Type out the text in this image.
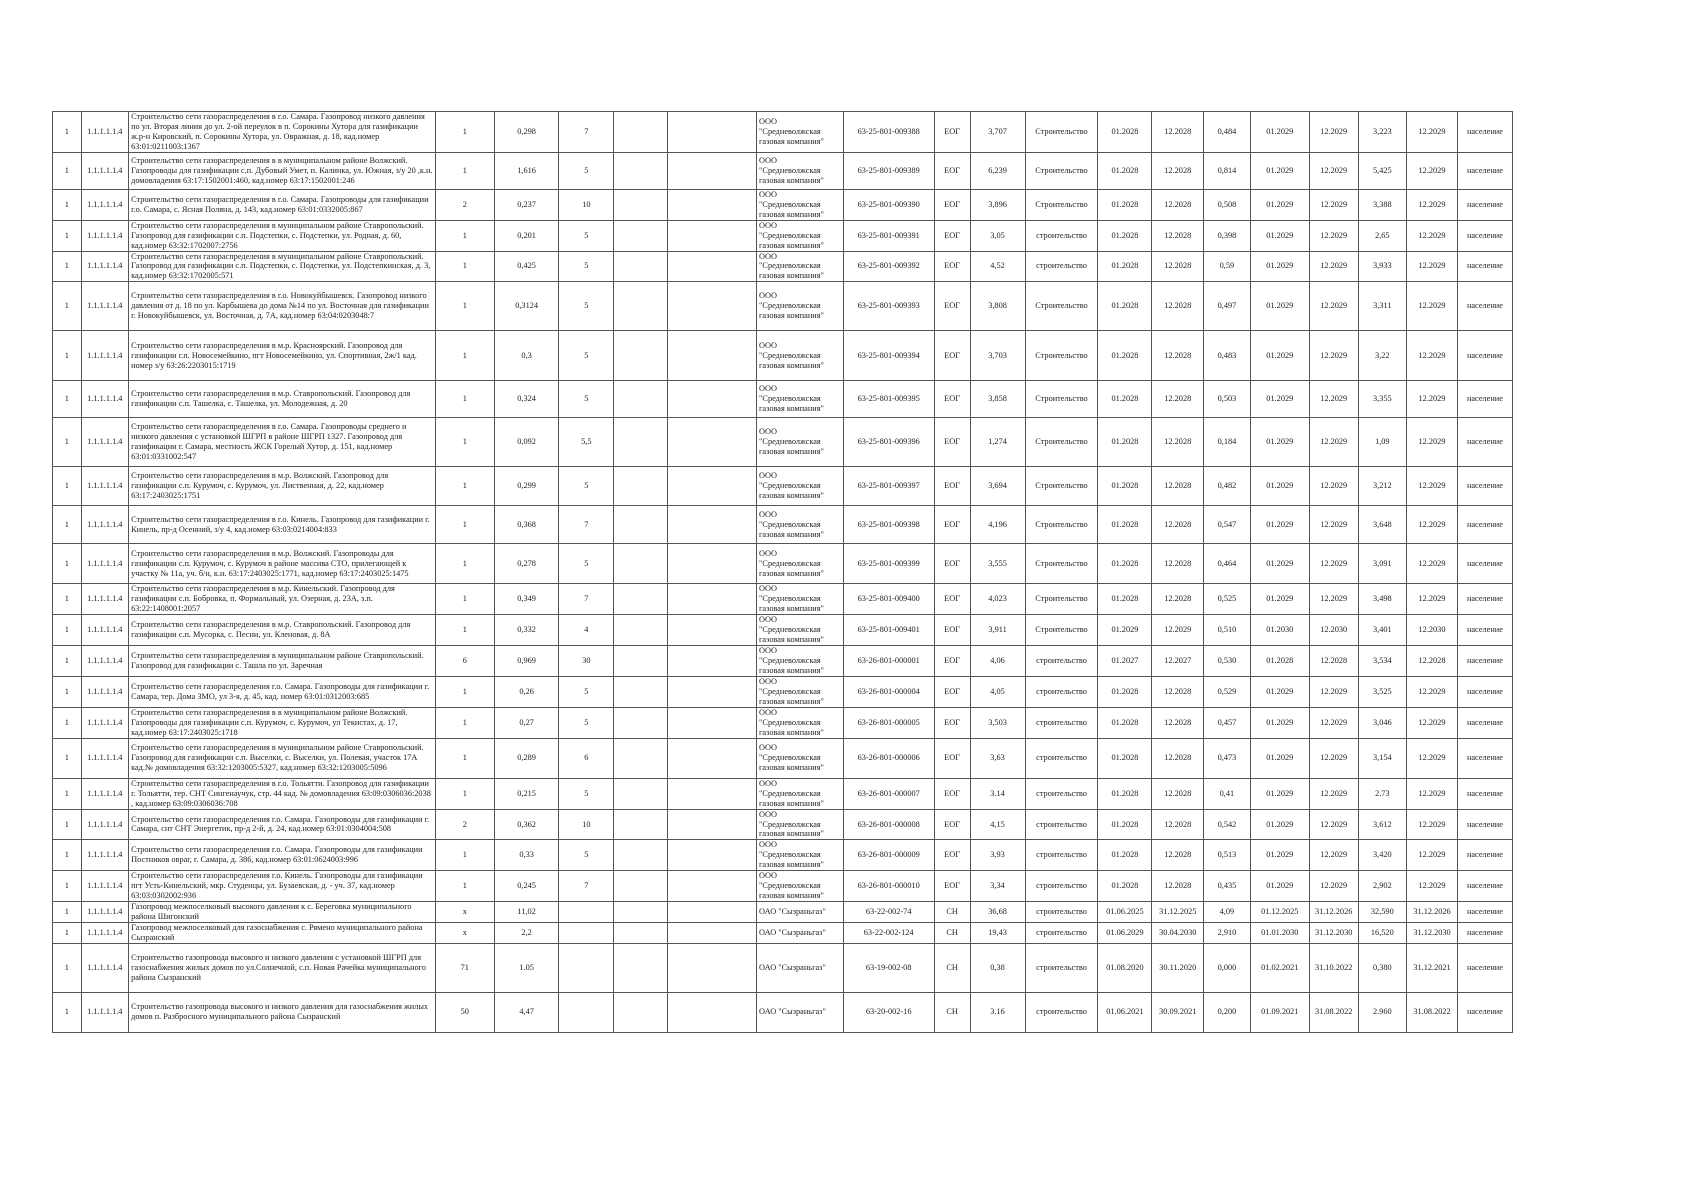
1	1.1.1.1.1.4	Строительство сети газораспределения в г.о. Самара. Газопровод низкого давления по ул. Вторая линия до ул. 2-ой переулок в п. Сорокины Хутора для газификации ж.р-н Кировский, п. Сорокины Хутора, ул. Овражная, д. 18, кад.номер 63:01:0211003:1367	1	0,298	7			ООО "Средневолжская газовая компания"	63-25-801-009388	ЕОГ	3,707	Строительство	01.2028	12.2028	0,484	01.2029	12.2029	3,223	12.2029	население
1	1.1.1.1.1.4	Строительство сети газораспределения в в муниципальном районе Волжский. Газопроводы для газификации с.п. Дубовый Умет, п. Калинка, ул. Южная, з/у 20 ,к.н. домовладения 63:17:1502001:460, кад.номер 63:17:1502001:246	1	1,616	5			ООО "Средневолжская газовая компания"	63-25-801-009389	ЕОГ	6,239	Строительство	01.2028	12.2028	0,814	01.2029	12.2029	5,425	12.2029	население
1	1.1.1.1.1.4	Строительство сети газораспределения в г.о. Самара. Газопроводы для газификации г.о. Самара, с. Ясная Поляна, д. 143, кад.номер 63:01:0332005:867	2	0,237	10			ООО "Средневолжская газовая компания"	63-25-801-009390	ЕОГ	3,896	Строительство	01.2028	12.2028	0,508	01.2029	12.2029	3,388	12.2029	население
1	1.1.1.1.1.4	Строительство сети газораспределения в муниципальном районе Ставропольский. Газопровод для газификации с.п. Подстепки, с. Подстепки, ул. Родная, д. 60, кад.номер 63:32:1702007:2756	1	0,201	5			ООО "Средневолжская газовая компания"	63-25-801-009391	ЕОГ	3,05	строительство	01.2028	12.2028	0,398	01.2029	12.2029	2,65	12.2029	население
1	1.1.1.1.1.4	Строительство сети газораспределения в муниципальном районе Ставропольский. Газопровод для газификации с.п. Подстепки, с. Подстепки, ул. Подстепкинская, д. 3, кад.номер 63:32:1702005:571	1	0,425	5			ООО "Средневолжская газовая компания"	63-25-801-009392	ЕОГ	4,52	строительство	01.2028	12.2028	0,59	01.2029	12.2029	3,933	12.2029	население
1	1.1.1.1.1.4	Строительство сети газораспределения в г.о. Новокуйбышевск. Газопровод низкого давления от д. 18 по ул. Карбышева до дома №14 по ул. Восточная для газификации г. Новокуйбышевск, ул. Восточная, д. 7А, кад.номер 63:04:0203048:7	1	0,3124	5			ООО "Средневолжская газовая компания"	63-25-801-009393	ЕОГ	3,808	Строительство	01.2028	12.2028	0,497	01.2029	12.2029	3,311	12.2029	население
1	1.1.1.1.1.4	Строительство сети газораспределения в м.р. Красноярский. Газопровод для газификации г.п. Новосемейкино, пгт Новосемейкино, ул. Спортивная, 2ж/1 кад. номер з/у 63:26:2203015:1719	1	0,3	5			ООО "Средневолжская газовая компания"	63-25-801-009394	ЕОГ	3,703	Строительство	01.2028	12.2028	0,483	01.2029	12.2029	3,22	12.2029	население
1	1.1.1.1.1.4	Строительство сети газораспределения в м.р. Ставропольский. Газопровод для газификации с.п. Ташелка, с. Ташелка, ул. Молодежная, д. 20	1	0,324	5			ООО "Средневолжская газовая компания"	63-25-801-009395	ЕОГ	3,858	Строительство	01.2028	12.2028	0,503	01.2029	12.2029	3,355	12.2029	население
1	1.1.1.1.1.4	Строительство сети газораспределения в г.о. Самара. Газопроводы среднего и низкого давления с установкой ШГРП в районе ШГРП 1327. Газопровод для газификации г. Самара, местность ЖСК Горелый Хутор, д. 151, кад.номер 63:01:0331002:547	1	0,092	5,5			ООО "Средневолжская газовая компания"	63-25-801-009396	ЕОГ	1,274	Строительство	01.2028	12.2028	0,184	01.2029	12.2029	1,09	12.2029	население
1	1.1.1.1.1.4	Строительство сети газораспределения в м.р. Волжский. Газопровод для газификации с.п. Курумоч, с. Курумоч, ул. Лиственная, д. 22, кад.номер 63:17:2403025:1751	1	0,299	5			ООО "Средневолжская газовая компания"	63-25-801-009397	ЕОГ	3,694	Строительство	01.2028	12.2028	0,482	01.2029	12.2029	3,212	12.2029	население
1	1.1.1.1.1.4	Строительство сети газораспределения в г.о. Кинель. Газопровод для газификации г. Кинель, пр-д Осенний, з/у 4, кад.номер 63:03:0214004:833	1	0,368	7			ООО "Средневолжская газовая компания"	63-25-801-009398	ЕОГ	4,196	Строительство	01.2028	12.2028	0,547	01.2029	12.2029	3,648	12.2029	население
1	1.1.1.1.1.4	Строительство сети газораспределения в м.р. Волжский. Газопроводы для газификации с.п. Курумоч, с. Курумоч в районе массива СТО, прилегающей к участку № 11а, уч. б/н, к.н. 63:17:2403025:1771, кад.номер 63:17:2403025:1475	1	0,278	5			ООО "Средневолжская газовая компания"	63-25-801-009399	ЕОГ	3,555	Строительство	01.2028	12.2028	0,464	01.2029	12.2029	3,091	12.2029	население
1	1.1.1.1.1.4	Строительство сети газораспределения в м.р. Кинельский. Газопровод для газификации с.п. Бобровка, п. Формальный, ул. Озерная, д. 23А, з.п. 63:22:1408001:2057	1	0,349	7			ООО "Средневолжская газовая компания"	63-25-801-009400	ЕОГ	4,023	Строительство	01.2028	12.2028	0,525	01.2029	12.2029	3,498	12.2029	население
1	1.1.1.1.1.4	Строительство сети газораспределения в м.р. Ставропольский. Газопровод для газификации с.п. Мусорка, с. Песни, ул. Кленовая, д. 8А	1	0,332	4			ООО "Средневолжская газовая компания"	63-25-801-009401	ЕОГ	3,911	Строительство	01.2029	12.2029	0,510	01.2030	12.2030	3,401	12.2030	население
1	1.1.1.1.1.4	Строительство сети газораспределения в муниципальном районе Ставропольский. Газопровод для газификации с. Ташла по ул. Заречная	6	0,969	30			ООО "Средневолжская газовая компания"	63-26-801-000001	ЕОГ	4,06	строительство	01.2027	12.2027	0,530	01.2028	12.2028	3,534	12.2028	население
1	1.1.1.1.1.4	Строительство сети газораспределения г.о. Самара. Газопроводы для газификации г. Самара, тер. Дома ЗМО, ул 3-я, д. 45, кад. номер 63:01:0312003:685	1	0,26	5			ООО "Средневолжская газовая компания"	63-26-801-000004	ЕОГ	4,05	строительство	01.2028	12.2028	0,529	01.2029	12.2029	3,525	12.2029	население
1	1.1.1.1.1.4	Строительство сети газораспределения в в муниципальном районе Волжский. Газопроводы для газификации с.п. Курумоч, с. Курумоч, ул Текистах, д. 17, кад.номер 63:17:2403025:1718	1	0,27	5			ООО "Средневолжская газовая компания"	63-26-801-000005	ЕОГ	3,503	строительство	01.2028	12.2028	0,457	01.2029	12.2029	3,046	12.2029	население
1	1.1.1.1.1.4	Строительство сети газораспределения в муниципальном районе Ставропольский. Газопровод для газификации с.п. Выселки, с. Выселки, ул. Полевая, участок 17А кад.№ домовладения 63:32:1203005:5327, кад.номер 63:32:1203005:5096	1	0,289	6			ООО "Средневолжская газовая компания"	63-26-801-000006	ЕОГ	3,63	строительство	01.2028	12.2028	0,473	01.2029	12.2029	3,154	12.2029	население
1	1.1.1.1.1.4	Строительство сети газораспределения в г.о. Тольятти. Газопровод для газификации г. Тольятти, тер. СНТ Сингенаучук, стр. 44 кад. № домовладения 63:09:0306036:2038 , кад.номер 63:09:0306036:708	1	0,215	5			ООО "Средневолжская газовая компания"	63-26-801-000007	ЕОГ	3.14	строительство	01.2028	12.2028	0,41	01.2029	12.2029	2.73	12.2029	население
1	1.1.1.1.1.4	Строительство сети газораспределения г.о. Самара. Газопроводы для газификации г. Самара, снт СНТ Энергетик, пр-д 2-й, д. 24, кад.номер 63:01:0304004:508	2	0,362	10			ООО "Средневолжская газовая компания"	63-26-801-000008	ЕОГ	4,15	строительство	01.2028	12.2028	0,542	01.2029	12.2029	3,612	12.2029	население
1	1.1.1.1.1.4	Строительство сети газораспределения г.о. Самара. Газопроводы для газификации Постников овраг, г. Самара, д. 386, кад.номер 63:01:0624003:996	1	0,33	5			ООО "Средневолжская газовая компания"	63-26-801-000009	ЕОГ	3,93	строительство	01.2028	12.2028	0,513	01.2029	12.2029	3,420	12.2029	население
1	1.1.1.1.1.4	Строительство сети газораспределения г.о. Кинель. Газопроводы для газификации пгт Усть-Кинельский, мкр. Студенцы, ул. Бузаевская, д. - уч. 37, кад.номер 63:03:0302002:936	1	0,245	7			ООО "Средневолжская газовая компания"	63-26-801-000010	ЕОГ	3,34	строительство	01.2028	12.2028	0,435	01.2029	12.2029	2,902	12.2029	население
1	1.1.1.1.1.4	Газопровод межпоселковый высокого давления к с. Береговка муниципального района Шигонский	х	11,02				ОАО "Сызраньгаз"	63-22-002-74	СН	36,68	строительство	01.06.2025	31.12.2025	4,09	01.12.2025	31.12.2026	32,590	31.12.2026	население
1	1.1.1.1.1.4	Газопровод межпоселковый для газоснабжения с. Рямено муниципального района Сызранский	х	2,2				ОАО "Сызраньгаз"	63-22-002-124	СН	19,43	строительство	01.06.2029	30.04.2030	2,910	01.01.2030	31.12.2030	16,520	31.12.2030	население
1	1.1.1.1.1.4	Строительство газопровода высокого и низкого давления с установкой ШГРП для газоснабжения жилых домов по ул.Солнечной, с.п. Новая Рачейка муниципального района Сызранский	71	1.05				ОАО "Сызраньгаз"	63-19-002-08	СН	0,38	строительство	01.08.2020	30.11.2020	0,000	01.02.2021	31.10.2022	0,380	31.12.2021	население
1	1.1.1.1.1.4	Строительство газопровода высокого и низкого давления для газоснабжения жилых домов п. Разбросного муниципального района Сызранский	50	4,47				ОАО "Сызраньгаз"	63-20-002-16	СН	3.16	строительство	01.06.2021	30.09.2021	0,200	01.09.2021	31.08.2022	2.960	31.08.2022	население
